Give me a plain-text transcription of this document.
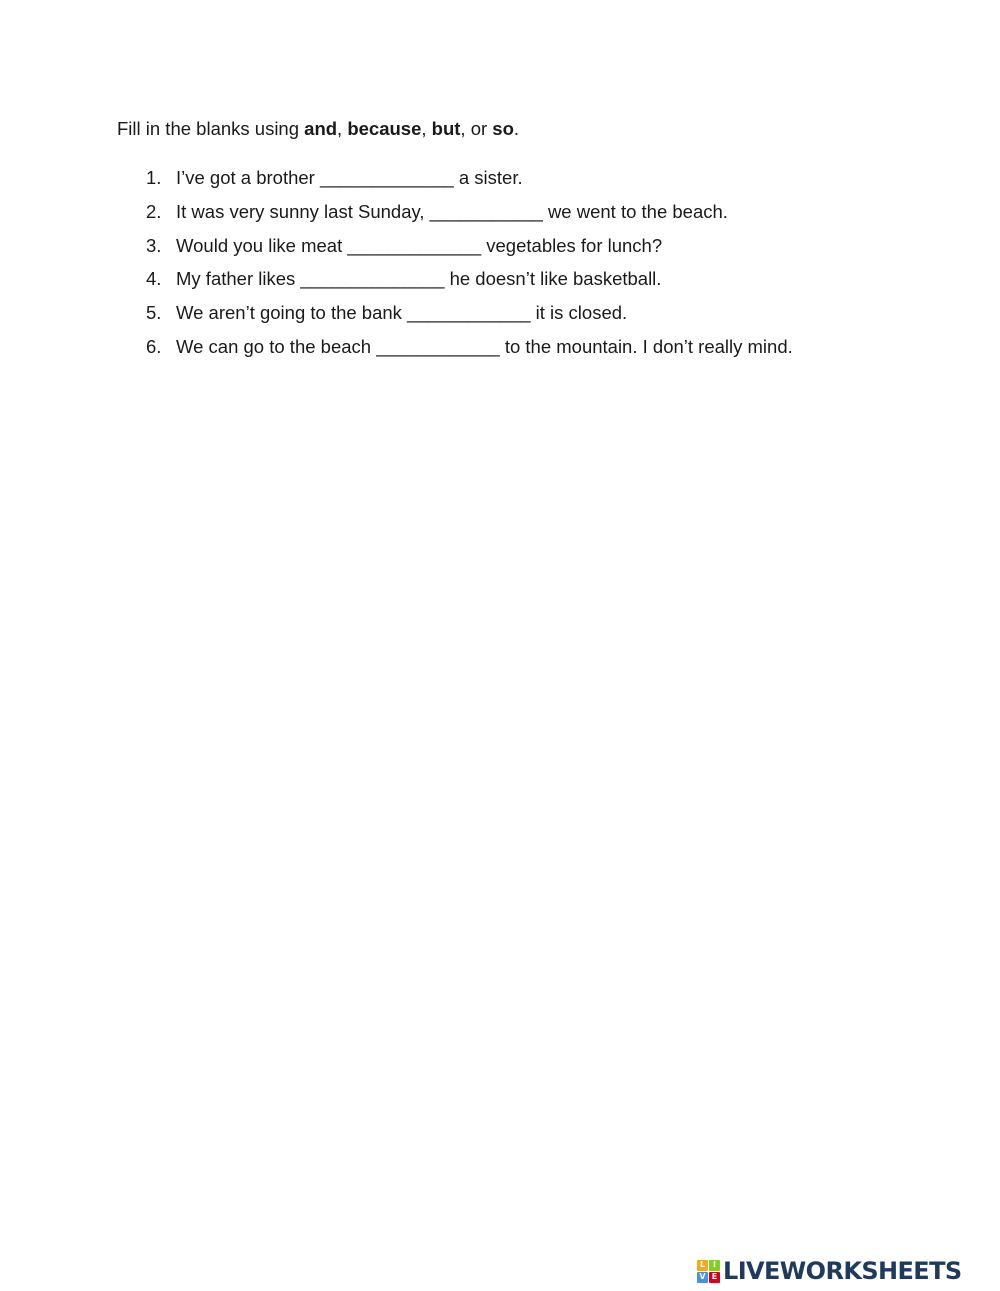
Fill in the blanks using and, because, but, or so.
1. I’ve got a brother _____________ a sister.
2. It was very sunny last Sunday, ___________ we went to the beach.
3. Would you like meat _____________ vegetables for lunch?
4. My father likes ______________ he doesn’t like basketball.
5. We aren’t going to the bank ____________ it is closed.
6. We can go to the beach ____________ to the mountain. I don’t really mind.
L I
V E LIVEWORKSHEETS
